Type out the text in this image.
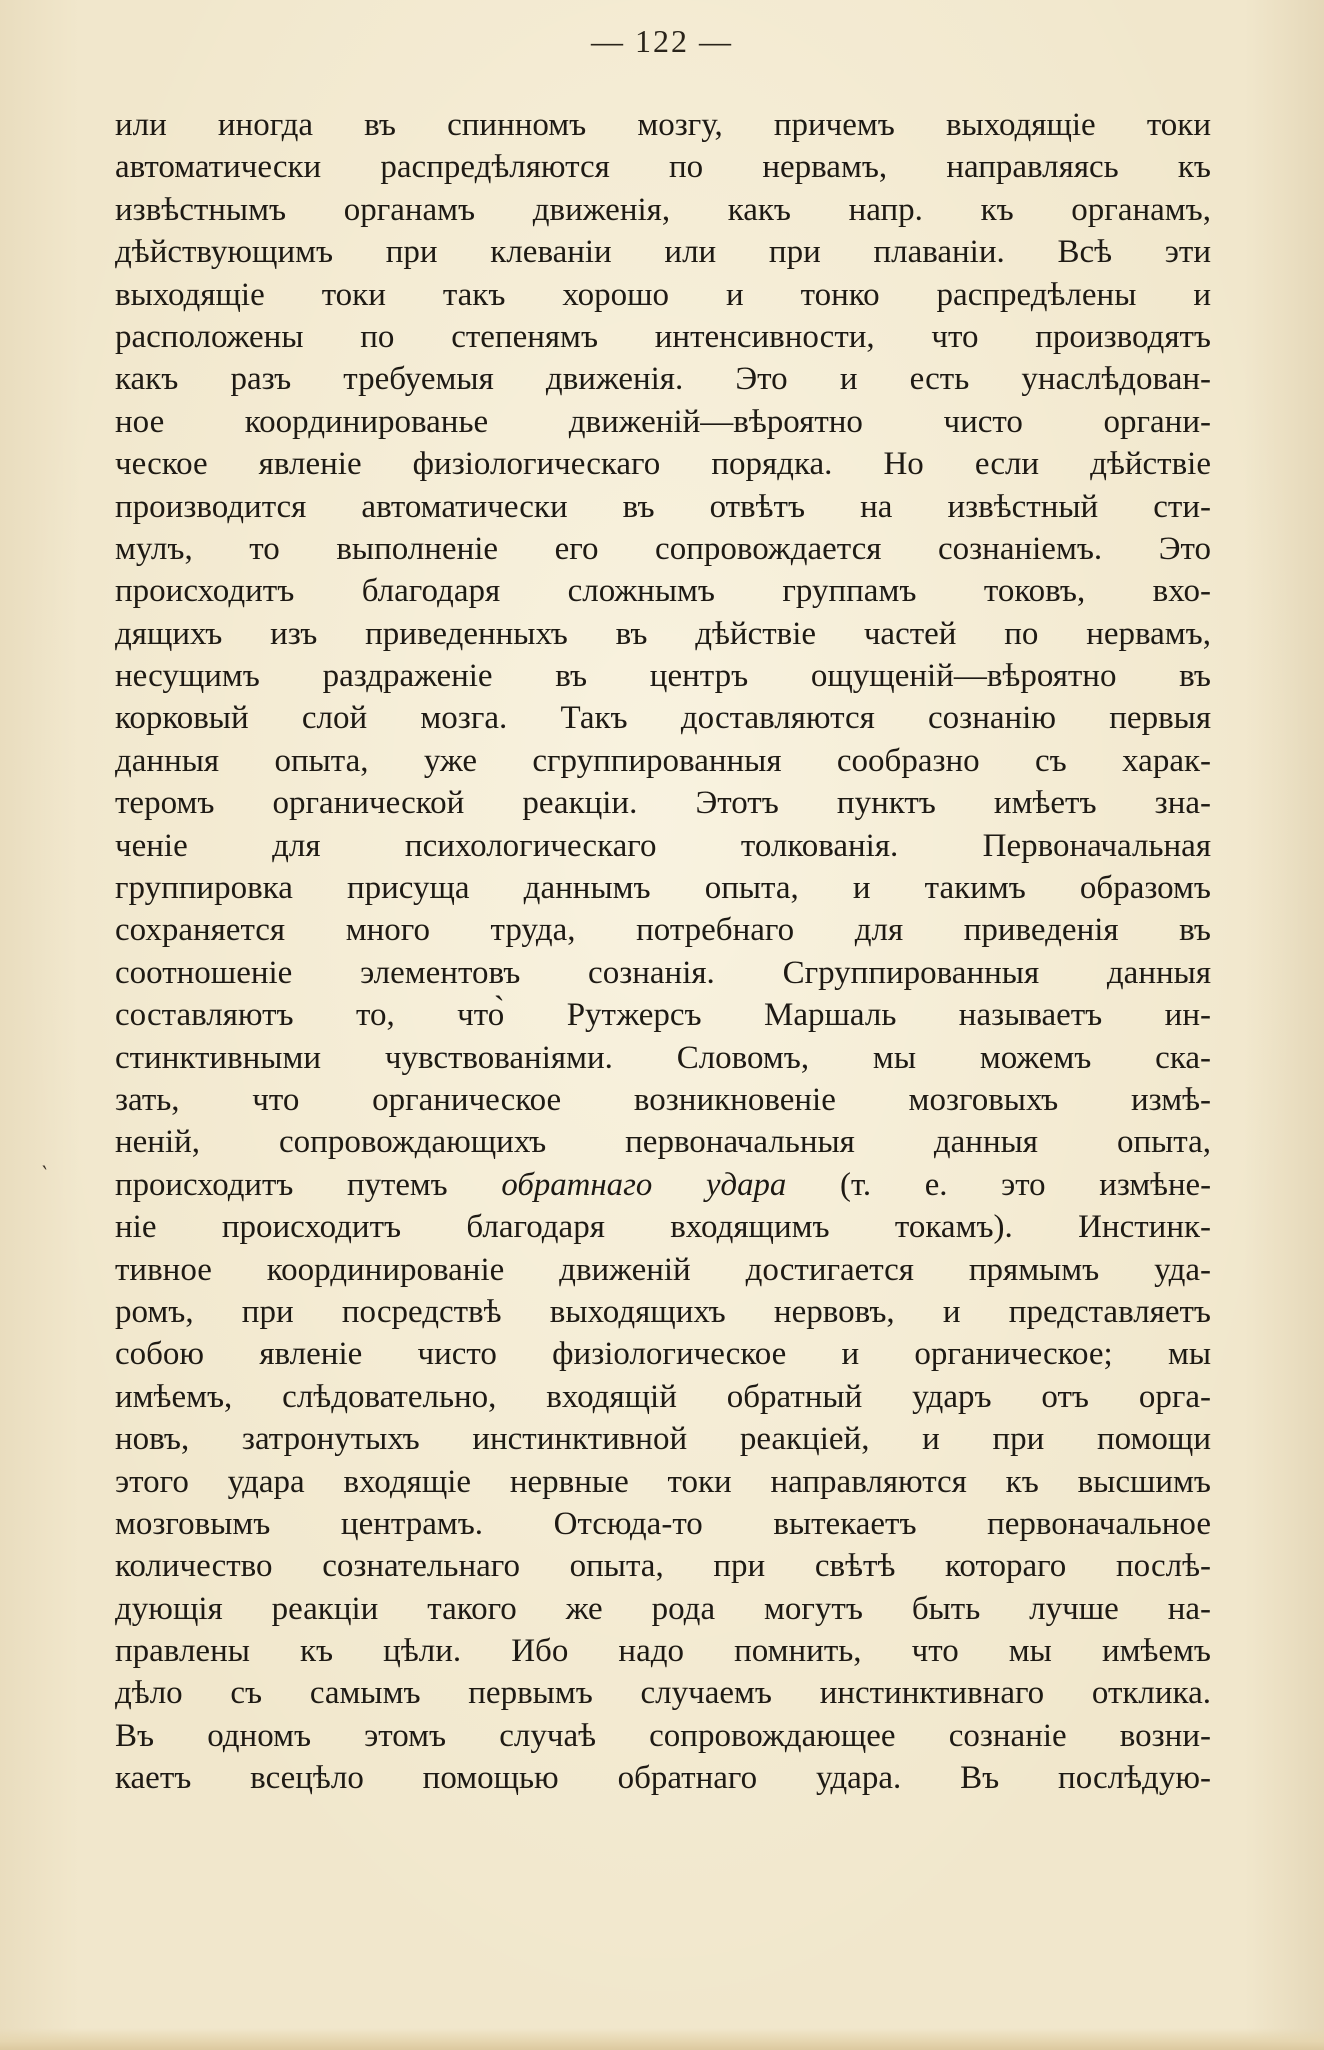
— 122 —
‵
или иногда въ спинномъ мозгу, причемъ выходящіе токи
автоматически распредѣляются по нервамъ, направляясь къ
извѣстнымъ органамъ движенія, какъ напр. къ органамъ,
дѣйствующимъ при клеваніи или при плаваніи. Всѣ эти
выходящіе токи такъ хорошо и тонко распредѣлены и
расположены по степенямъ интенсивности, что производятъ
какъ разъ требуемыя движенія. Это и есть унаслѣдован-
ное координированье движеній—вѣроятно чисто органи-
ческое явленіе физіологическаго порядка. Но если дѣйствіе
производится автоматически въ отвѣтъ на извѣстный сти-
мулъ, то выполненіе его сопровождается сознаніемъ. Это
происходитъ благодаря сложнымъ группамъ токовъ, вхо-
дящихъ изъ приведенныхъ въ дѣйствіе частей по нервамъ,
несущимъ раздраженіе въ центръ ощущеній—вѣроятно въ
корковый слой мозга. Такъ доставляются сознанію первыя
данныя опыта, уже сгруппированныя сообразно съ харак-
теромъ органической реакціи. Этотъ пунктъ имѣетъ зна-
ченіе для психологическаго толкованія. Первоначальная
группировка присуща даннымъ опыта, и такимъ образомъ
сохраняется много труда, потребнаго для приведенія въ
соотношеніе элементовъ сознанія. Сгруппированныя данныя
составляютъ то, что̀ Рутжерсъ Маршаль называетъ ин-
стинктивными чувствованіями. Словомъ, мы можемъ ска-
зать, что органическое возникновеніе мозговыхъ измѣ-
неній, сопровождающихъ первоначальныя данныя опыта,
происходитъ путемъ обратнаго удара (т. е. это измѣне-
ніе происходитъ благодаря входящимъ токамъ). Инстинк-
тивное координированіе движеній достигается прямымъ уда-
ромъ, при посредствѣ выходящихъ нервовъ, и представляетъ
собою явленіе чисто физіологическое и органическое; мы
имѣемъ, слѣдовательно, входящій обратный ударъ отъ орга-
новъ, затронутыхъ инстинктивной реакціей, и при помощи
этого удара входящіе нервные токи направляются къ высшимъ
мозговымъ центрамъ. Отсюда-то вытекаетъ первоначальное
количество сознательнаго опыта, при свѣтѣ котораго послѣ-
дующія реакціи такого же рода могутъ быть лучше на-
правлены къ цѣли. Ибо надо помнить, что мы имѣемъ
дѣло съ самымъ первымъ случаемъ инстинктивнаго отклика.
Въ одномъ этомъ случаѣ сопровождающее сознаніе возни-
каетъ всецѣло помощью обратнаго удара. Въ послѣдую-
